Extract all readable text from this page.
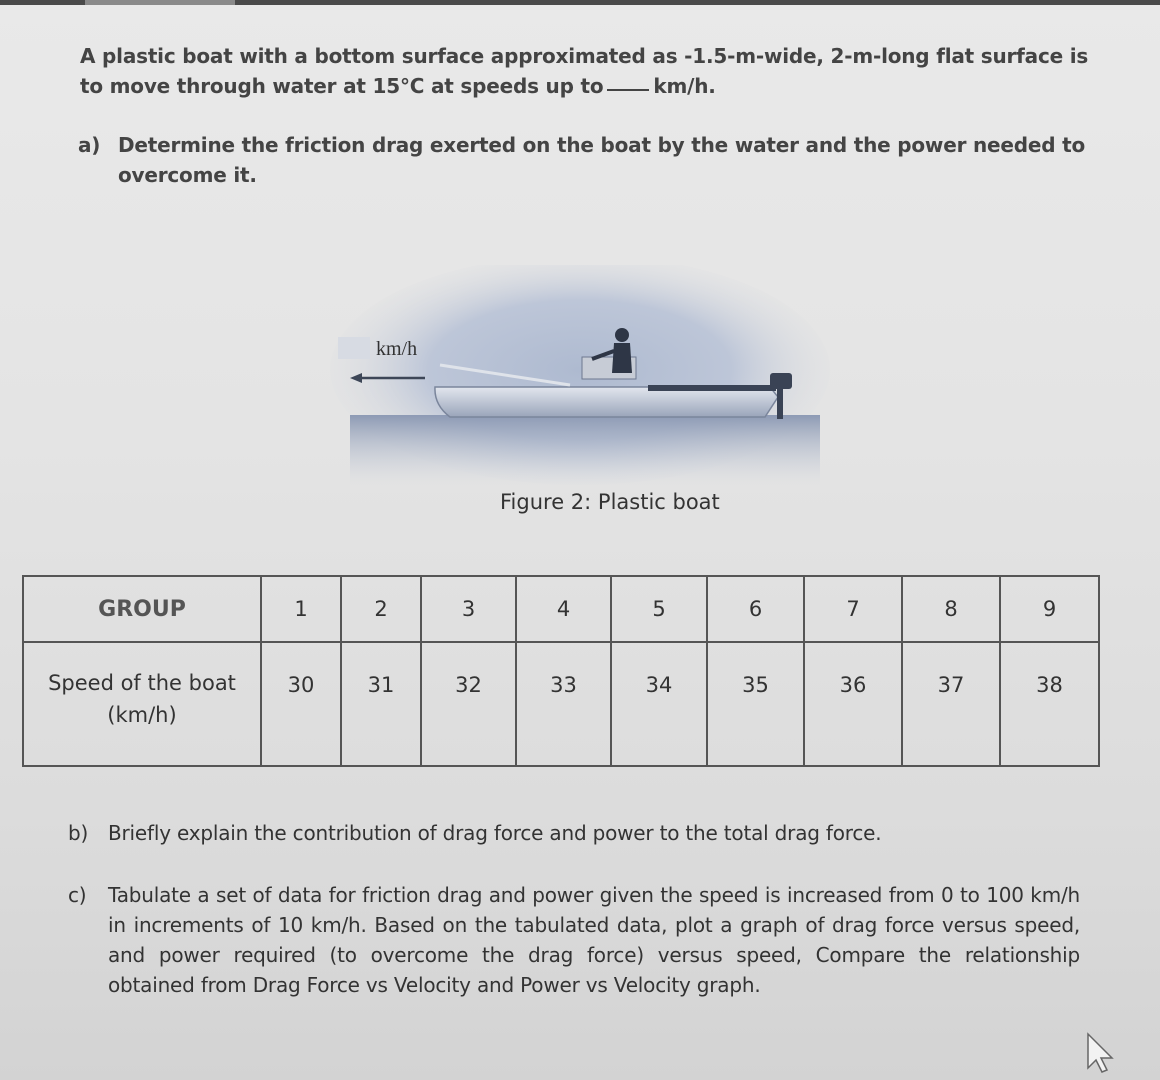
A plastic boat with a bottom surface approximated as -1.5-m-wide, 2-m-long flat surface is to move through water at 15°C at speeds up to	km/h.
a) Determine the friction drag exerted on the boat by the water and the power needed to overcome it.
km/h
Figure 2: Plastic boat
GROUP	1	2	3	4	5	6	7	8	9
Speed of the boat (km/h)	30	31	32	33	34	35	36	37	38
b) Briefly explain the contribution of drag force and power to the total drag force.
c)	Tabulate a set of data for friction drag and power given the speed is increased from 0 to 100 km/h in increments of 10 km/h. Based on the tabulated data, plot a graph of drag force versus speed, and power required (to overcome the drag force) versus speed, Compare the relationship obtained from Drag Force vs Velocity and Power vs Velocity graph.
